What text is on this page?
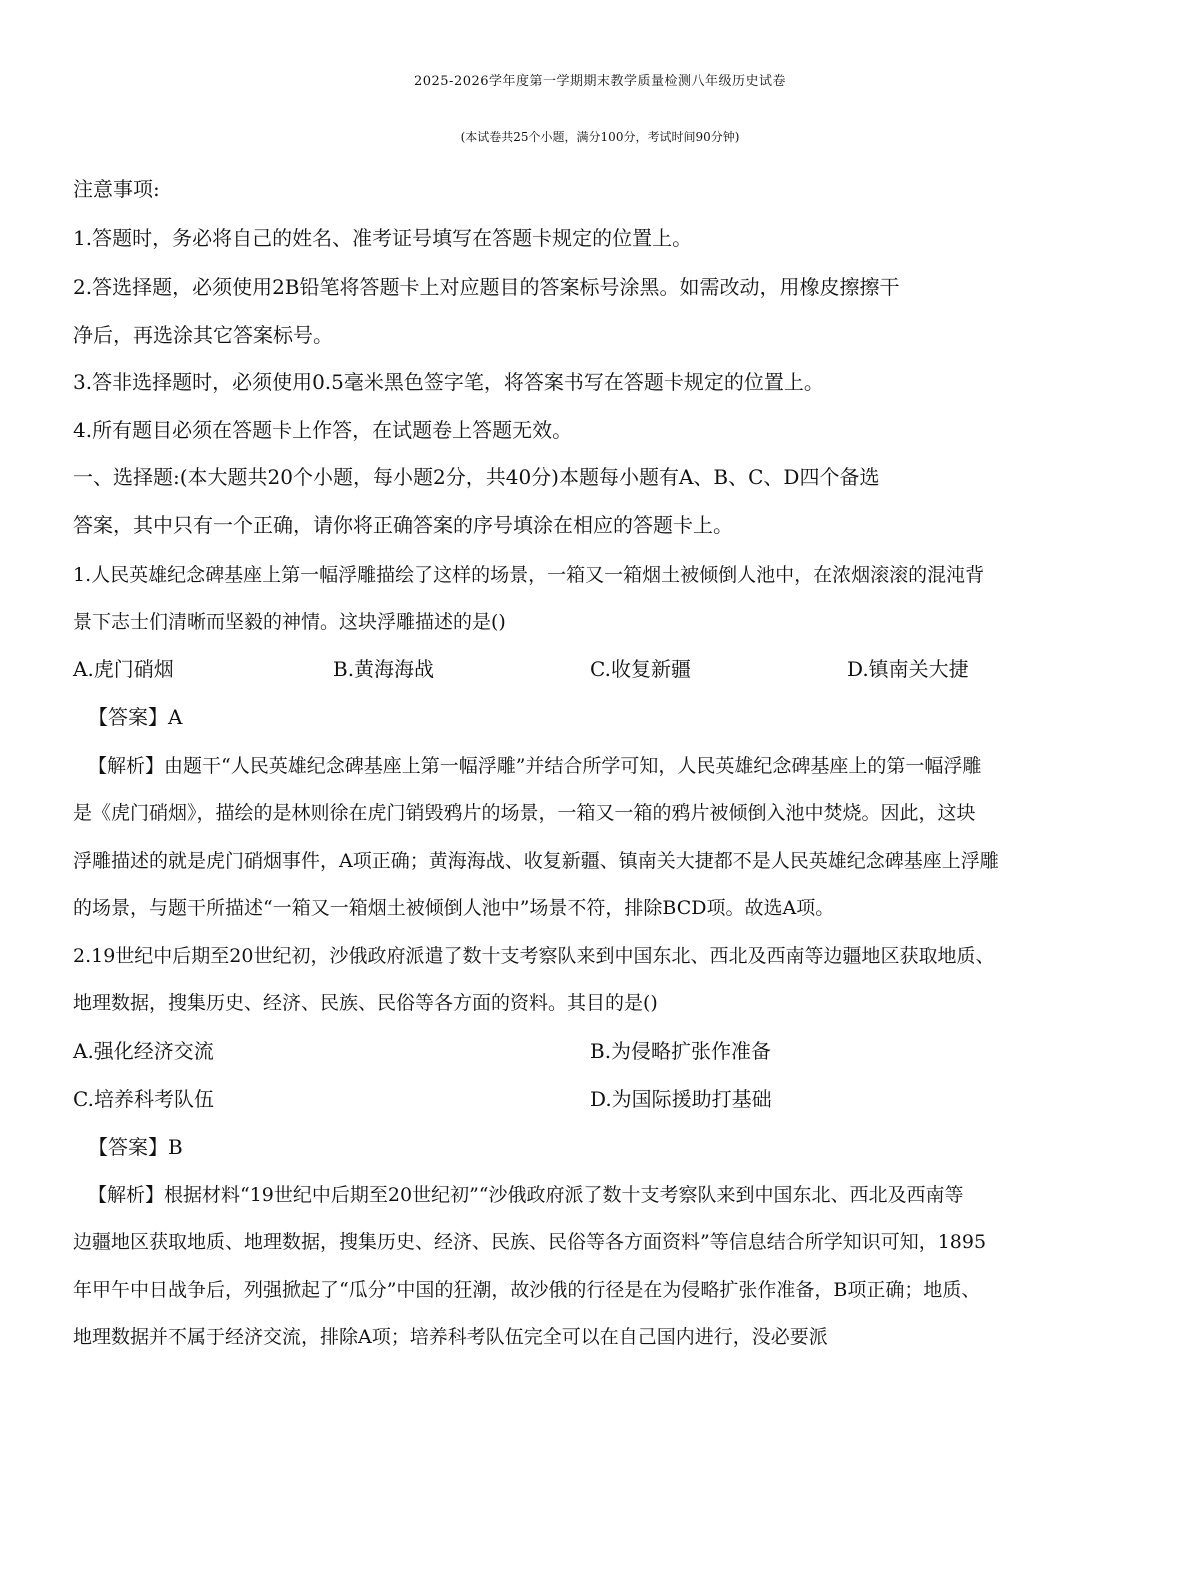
2025-2026学年度第一学期期末教学质量检测八年级历史试卷
(本试卷共25个小题，满分100分，考试时间90分钟)
注意事项:
1.答题时，务必将自己的姓名、准考证号填写在答题卡规定的位置上。
2.答选择题，必须使用2B铅笔将答题卡上对应题目的答案标号涂黑。如需改动，用橡皮擦擦干
净后，再选涂其它答案标号。
3.答非选择题时，必须使用0.5毫米黑色签字笔，将答案书写在答题卡规定的位置上。
4.所有题目必须在答题卡上作答，在试题卷上答题无效。
一、选择题:(本大题共20个小题，每小题2分，共40分)本题每小题有A、B、C、D四个备选
答案，其中只有一个正确，请你将正确答案的序号填涂在相应的答题卡上。
1.人民英雄纪念碑基座上第一幅浮雕描绘了这样的场景，一箱又一箱烟土被倾倒人池中，在浓烟滚滚的混沌背
景下志士们清晰而坚毅的神情。这块浮雕描述的是()
A.虎门硝烟	B.黄海海战	C.收复新疆	D.镇南关大捷
【答案】A
【解析】由题干“人民英雄纪念碑基座上第一幅浮雕”并结合所学可知，人民英雄纪念碑基座上的第一幅浮雕
是《虎门硝烟》，描绘的是林则徐在虎门销毁鸦片的场景，一箱又一箱的鸦片被倾倒入池中焚烧。因此，这块
浮雕描述的就是虎门硝烟事件，A项正确；黄海海战、收复新疆、镇南关大捷都不是人民英雄纪念碑基座上浮雕
的场景，与题干所描述“一箱又一箱烟土被倾倒人池中”场景不符，排除BCD项。故选A项。
2.19世纪中后期至20世纪初，沙俄政府派遣了数十支考察队来到中国东北、西北及西南等边疆地区获取地质、
地理数据，搜集历史、经济、民族、民俗等各方面的资料。其目的是()
A.强化经济交流	B.为侵略扩张作准备
C.培养科考队伍	D.为国际援助打基础
【答案】B
【解析】根据材料“19世纪中后期至20世纪初”“沙俄政府派了数十支考察队来到中国东北、西北及西南等
边疆地区获取地质、地理数据，搜集历史、经济、民族、民俗等各方面资料”等信息结合所学知识可知，1895
年甲午中日战争后，列强掀起了“瓜分”中国的狂潮，故沙俄的行径是在为侵略扩张作准备，B项正确；地质、
地理数据并不属于经济交流，排除A项；培养科考队伍完全可以在自己国内进行，没必要派
